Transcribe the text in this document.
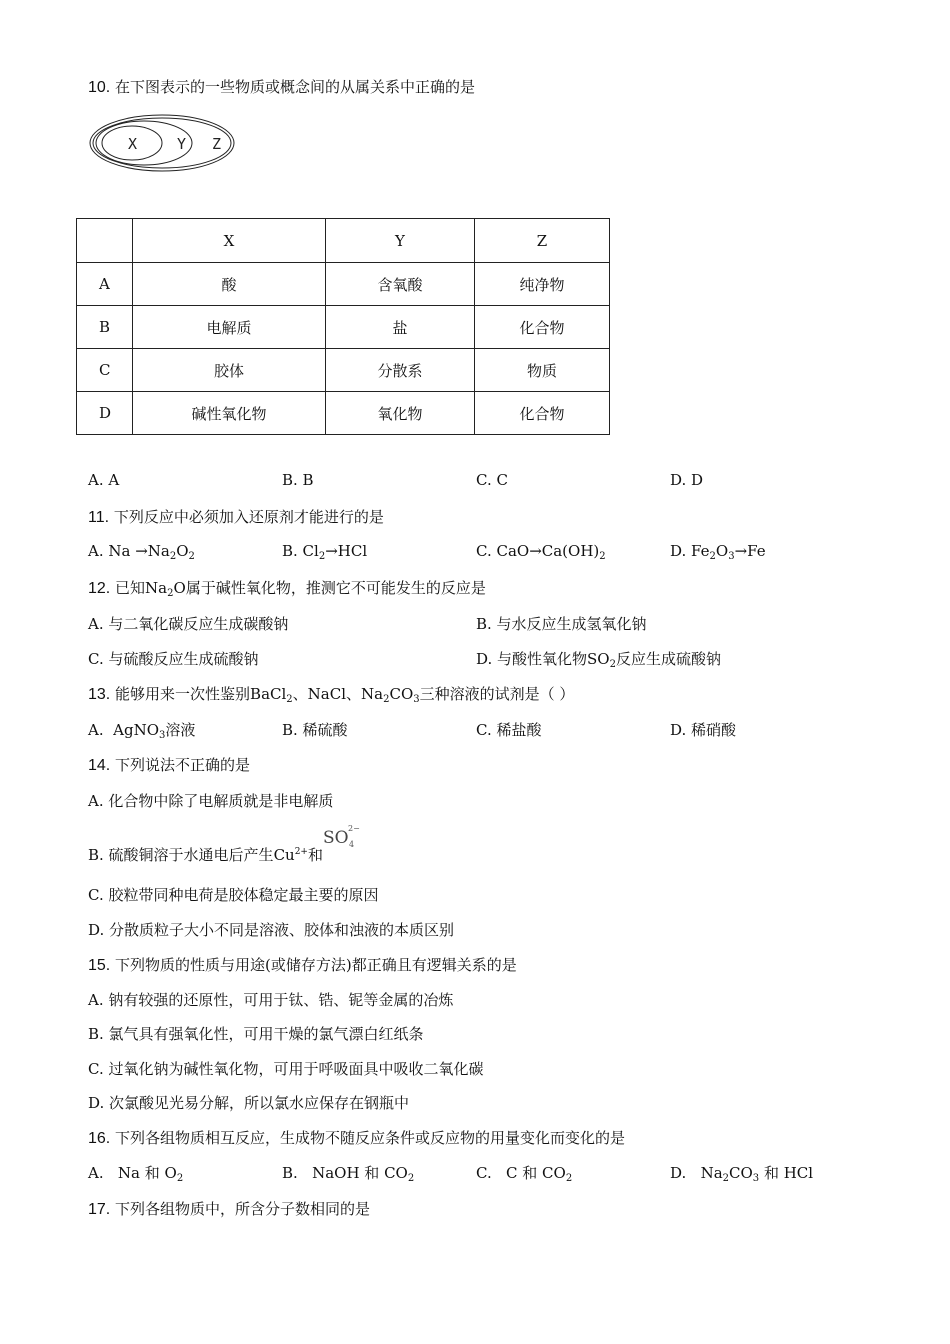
10. 在下图表示的一些物质或概念间的从属关系中正确的是
X	Y Z
	X	Y	Z
A	酸	含氧酸	纯净物
B	电解质	盐	化合物
C	胶体	分散系	物质
D	碱性氧化物	氧化物	化合物
A. A	B. B	C. C	D. D
11. 下列反应中必须加入还原剂才能进行的是
A. $Na \to Na_2O_2$	B. $Cl_2\to HCl$	C. $CaO\to Ca(OH)_2$	D. $Fe_2O_3\to Fe$
12. 已知$Na_2O$属于碱性氧化物，推测它不可能发生的反应是
A. 与二氧化碳反应生成碳酸钠	B. 与水反应生成氢氧化钠
C. 与硫酸反应生成硫酸钠	D. 与酸性氧化物$SO_2$反应生成硫酸钠
13. 能够用来一次性鉴别BaCl$_2$、NaCl、$Na_2CO_3$三种溶液的试剂是（ ）
A.  AgNO$_3$溶液	B. 稀硫酸	C. 稀盐酸	D. 稀硝酸
14. 下列说法不正确的是
A. 化合物中除了电解质就是非电解质
B. 硫酸铜溶于水通电后产生$Cu^{2+}$和
SO 2−
4
C. 胶粒带同种电荷是胶体稳定最主要的原因
D. 分散质粒子大小不同是溶液、胶体和浊液的本质区别
15. 下列物质的性质与用途(或储存方法)都正确且有逻辑关系的是
A. 钠有较强的还原性，可用于钛、锆、铌等金属的冶炼
B. 氯气具有强氧化性，可用干燥的氯气漂白红纸条
C. 过氧化钠为碱性氧化物，可用于呼吸面具中吸收二氧化碳
D. 次氯酸见光易分解，所以氯水应保存在钢瓶中
16. 下列各组物质相互反应，生成物不随反应条件或反应物的用量变化而变化的是
A.   Na 和 $O_2$	B.   NaOH 和 $CO_2$	C.   C 和 $CO_2$	D.   $Na_2CO_3$ 和 HCl
17. 下列各组物质中，所含分子数相同的是
